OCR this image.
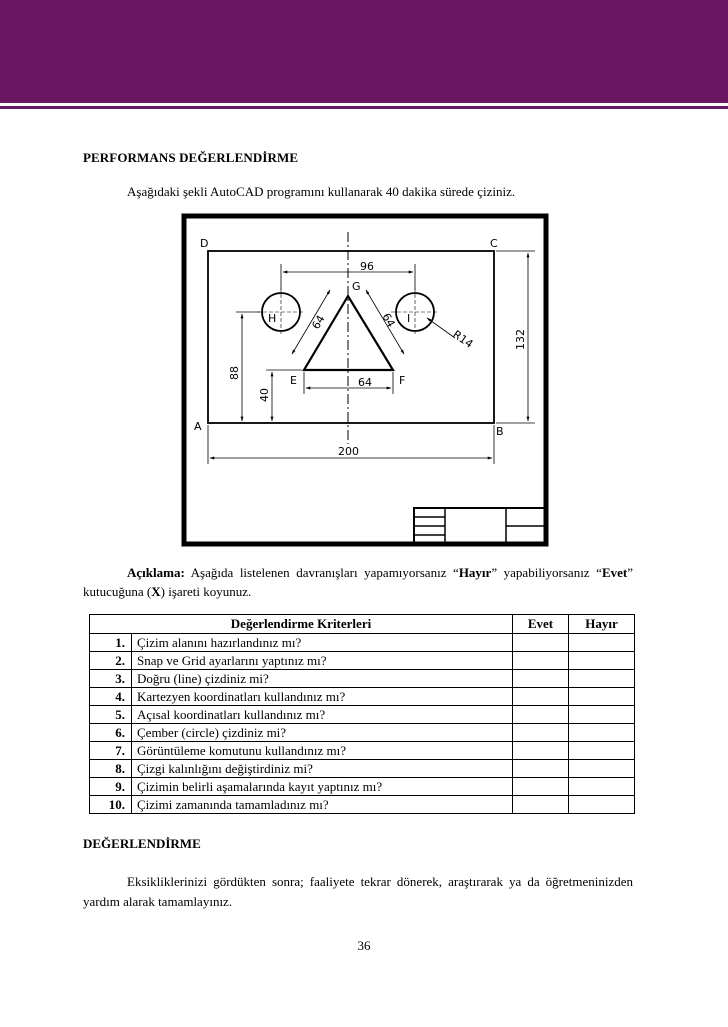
PERFORMANS DEĞERLENDİRME
Aşağıdaki şekli AutoCAD programını kullanarak 40 dakika sürede çiziniz.
D	C
A	B
G
E	F
H	I
96
64	64
64
R14
88
40
132
200
Açıklama: Aşağıda listelenen davranışları yapamıyorsanız “Hayır” yapabiliyorsanız “Evet” kutucuğuna (X) işareti koyunuz.
Değerlendirme Kriterleri		Evet	Hayır
1.	Çizim alanını hazırlandınız mı?		
2.	Snap ve Grid ayarlarını yaptınız mı?		
3.	Doğru (line) çizdiniz mi?		
4.	Kartezyen koordinatları kullandınız mı?		
5.	Açısal koordinatları kullandınız mı?		
6.	Çember (circle) çizdiniz mi?		
7.	Görüntüleme komutunu kullandınız mı?		
8.	Çizgi kalınlığını değiştirdiniz mi?		
9.	Çizimin belirli aşamalarında kayıt yaptınız mı?		
10.	Çizimi zamanında tamamladınız mı?		
DEĞERLENDİRME
Eksikliklerinizi gördükten sonra; faaliyete tekrar dönerek, araştırarak ya da öğretmeninizden yardım alarak tamamlayınız.
36
